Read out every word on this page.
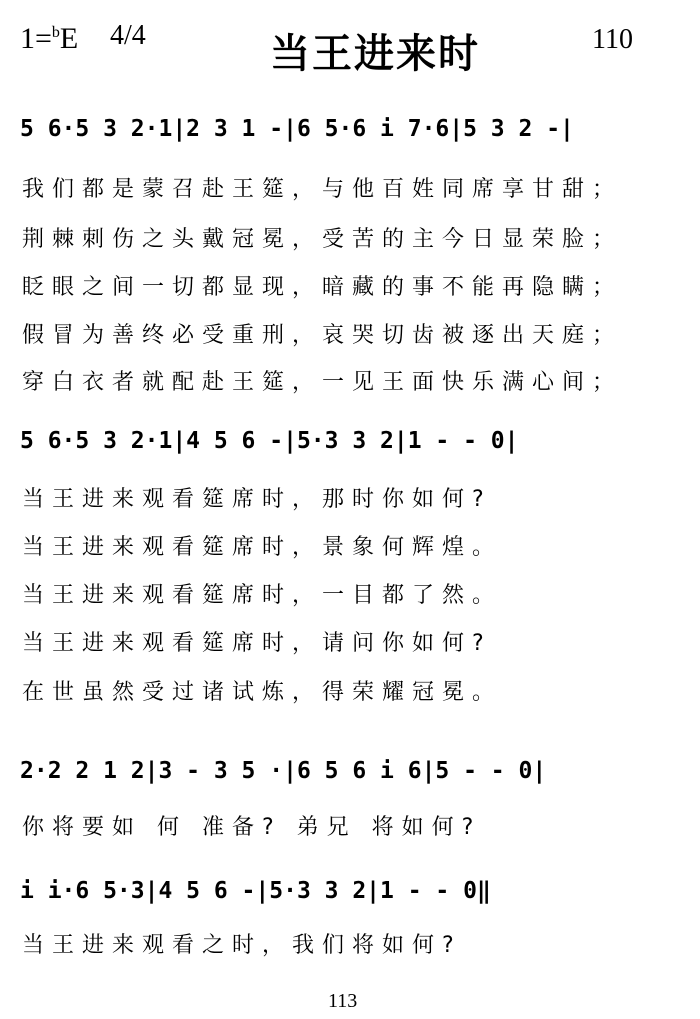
1=$^b$E 4/4	当王进来时	110
5 6·5 3 2·1|2 3 1 -|6 5·6 i 7·6|5 3 2 -|
我们都是蒙召赴王筵，与他百姓同席享甘甜；
荆棘刺伤之头戴冠冕，受苦的主今日显荣脸；
眨眼之间一切都显现，暗藏的事不能再隐瞒；
假冒为善终必受重刑，哀哭切齿被逐出天庭；
穿白衣者就配赴王筵，一见王面快乐满心间；
5 6·5 3 2·1|4 5 6 -|5·3 3 2|1 - - 0|
当王进来观看筵席时，那时你如何?
当王进来观看筵席时，景象何辉煌。
当王进来观看筵席时，一目都了然。
当王进来观看筵席时，请问你如何?
在世虽然受过诸试炼，得荣耀冠冕。
2·2 2 1 2|3 - 3 5 ·|6 5 6 i 6|5 - - 0|
你将要如 何 准备? 弟兄 将如何?
i i·6 5·3|4 5 6 -|5·3 3 2|1 - - 0‖
当王进来观看之时，我们将如何?
113
